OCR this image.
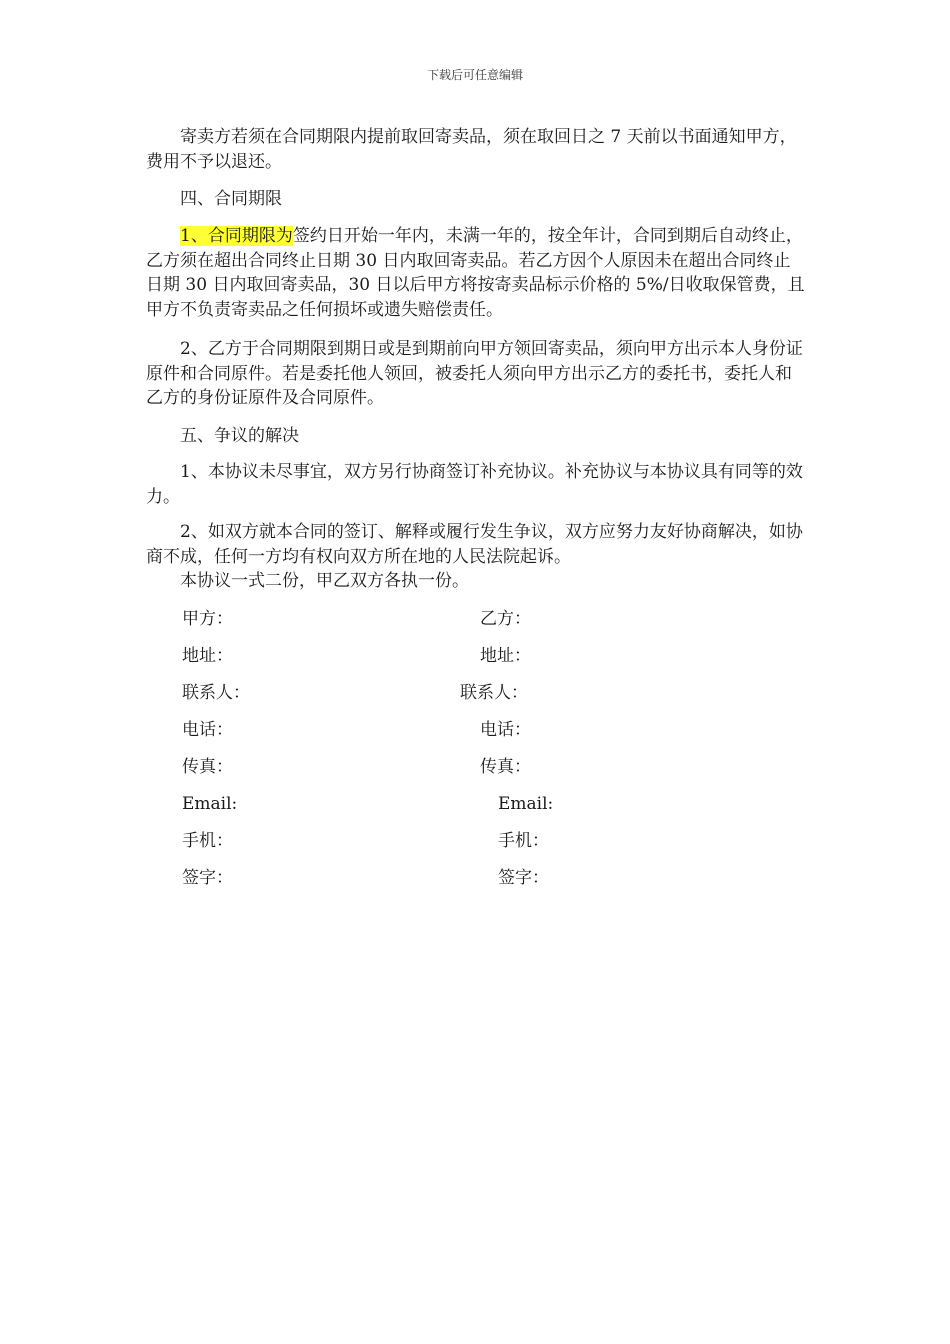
下载后可任意编辑

寄卖方若须在合同期限内提前取回寄卖品，须在取回日之 7 天前以书面通知甲方，费用不予以退还。

四、合同期限

1、合同期限为签约日开始一年内，未满一年的，按全年计，合同到期后自动终止，乙方须在超出合同终止日期 30 日内取回寄卖品。若乙方因个人原因未在超出合同终止日期 30 日内取回寄卖品，30 日以后甲方将按寄卖品标示价格的 5%/日收取保管费，且甲方不负责寄卖品之任何损坏或遗失赔偿责任。

2、乙方于合同期限到期日或是到期前向甲方领回寄卖品，须向甲方出示本人身份证原件和合同原件。若是委托他人领回，被委托人须向甲方出示乙方的委托书，委托人和乙方的身份证原件及合同原件。

五、争议的解决

1、本协议未尽事宜，双方另行协商签订补充协议。补充协议与本协议具有同等的效力。

2、如双方就本合同的签订、解释或履行发生争议，双方应努力友好协商解决，如协商不成，任何一方均有权向双方所在地的人民法院起诉。

本协议一式二份，甲乙双方各执一份。

甲方：
地址：
联系人：
电话：
传真：
Email:
手机：
签字：
乙方：
地址：
联系人：
电话：
传真：
Email:
手机：
签字：
